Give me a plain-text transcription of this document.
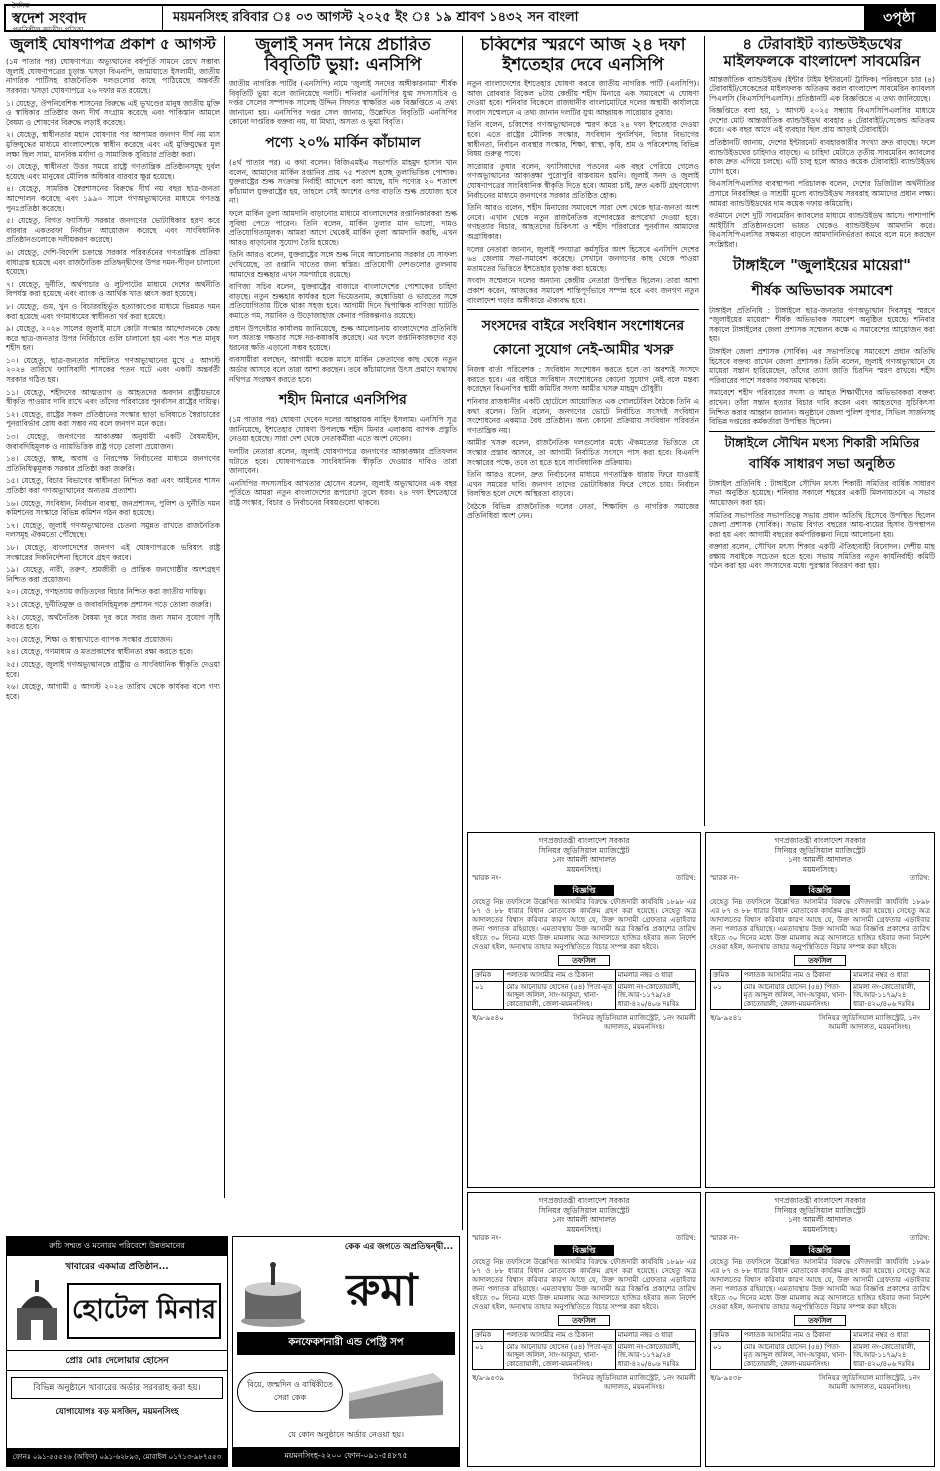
দৈনিক
স্বদেশ সংবাদ
প্রগতিশীল জাতীয় পত্রিকা
ময়মনসিংহ রবিবার ঃ ০৩ আগস্ট ২০২৫ ইং ঃ ১৯ শ্রাবণ ১৪৩২ সন বাংলা	৩পৃষ্ঠা
জুলাই ঘোষণাপত্র প্রকাশ ৫ আগস্ট

(১ম পাতার পর) ঘোষণাপত্র। অভ্যুত্থানের বর্ষপূর্তি সামনে রেখে সম্ভাব্য জুলাই ঘোষণাপত্রের চূড়ান্ত খসড়া বিএনপি, জামায়াতে ইসলামী, জাতীয় নাগরিক পার্টিসহ রাজনৈতিক দলগুলোর কাছে পাঠিয়েছে অন্তর্বর্তী সরকার। খসড়া ঘোষণাপত্রে ২৬ দফার মত রয়েছে।

১। যেহেতু, ঔপনিবেশিক শাসনের বিরুদ্ধে এই ভূখণ্ডের মানুষ জাতীয় মুক্তি ও স্বাধিকার প্রতিষ্ঠার জন্য দীর্ঘ সংগ্রাম করেছে এবং পাকিস্তান আমলে বৈষম্য ও শোষণের বিরুদ্ধে লড়াই করেছে।

২। যেহেতু, স্বাধীনতার মহান ঘোষণার পর আপামর জনগণ দীর্ঘ নয় মাস মুক্তিযুদ্ধের মাধ্যমে বাংলাদেশকে স্বাধীন করেছে এবং এই মুক্তিযুদ্ধের মূল লক্ষ্য ছিল সাম্য, মানবিক মর্যাদা ও সামাজিক সুবিচার প্রতিষ্ঠা করা।

৩। যেহেতু, স্বাধীনতা উত্তর সময়ে রাষ্ট্রে গণতান্ত্রিক প্রতিষ্ঠানসমূহ দুর্বল হয়েছে এবং মানুষের মৌলিক অধিকার বারবার ক্ষুণ্ণ হয়েছে।

৪। যেহেতু, সামরিক স্বৈরশাসনের বিরুদ্ধে দীর্ঘ নয় বছর ছাত্র-জনতা আন্দোলন করেছে এবং ১৯৯০ সালে গণঅভ্যুত্থানের মাধ্যমে গণতন্ত্র পুনঃপ্রতিষ্ঠা করেছে।

৫। যেহেতু, বিগত ফ্যাসিস্ট সরকার জনগণের ভোটাধিকার হরণ করে বারবার একতরফা নির্বাচন আয়োজন করেছে এবং সাংবিধানিক প্রতিষ্ঠানগুলোকে দলীয়করণ করেছে।

৬। যেহেতু, দেশি-বিদেশি চক্রান্তে সরকার পরিবর্তনের গণতান্ত্রিক প্রক্রিয়া বাধাগ্রস্ত হয়েছে এবং রাজনৈতিক প্রতিদ্বন্দ্বীদের উপর দমন-পীড়ন চালানো হয়েছে।

৭। যেহেতু, দুর্নীতি, অর্থপাচার ও লুটপাটের মাধ্যমে দেশের অর্থনীতি বিপর্যস্ত করা হয়েছে এবং ব্যাংক ও আর্থিক খাত ধ্বংস করা হয়েছে।

৮। যেহেতু, গুম, খুন ও বিচারবহির্ভূত হত্যাকাণ্ডের মাধ্যমে ভিন্নমত দমন করা হয়েছে এবং গণমাধ্যমের স্বাধীনতা খর্ব করা হয়েছে।

৯। যেহেতু, ২০২৪ সালের জুলাই মাসে কোটা সংস্কার আন্দোলনকে কেন্দ্র করে ছাত্র-জনতার উপর নির্বিচারে গুলি চালানো হয় এবং শত শত মানুষ শহীদ হন।

১০। যেহেতু, ছাত্র-জনতার সম্মিলিত গণঅভ্যুত্থানের মুখে ৫ আগস্ট ২০২৪ তারিখে ফ্যাসিবাদী শাসকের পতন ঘটে এবং একটি অন্তর্বর্তী সরকার গঠিত হয়।

১১। যেহেতু, শহীদদের আত্মত্যাগ ও আহতদের অবদান রাষ্ট্রীয়ভাবে স্বীকৃতি পাওয়ার দাবি রাখে এবং তাঁদের পরিবারের পুনর্বাসন রাষ্ট্রের দায়িত্ব।

১২। যেহেতু, রাষ্ট্রের সকল প্রতিষ্ঠানের সংস্কার ছাড়া ভবিষ্যতে স্বৈরাচারের পুনরাবির্ভাব রোধ করা সম্ভব নয় বলে জনগণ মনে করে।

১৩। যেহেতু, জনগণের আকাঙ্ক্ষা অনুযায়ী একটি বৈষম্যহীন, জবাবদিহিমূলক ও ন্যায়ভিত্তিক রাষ্ট্র গড়ে তোলা প্রয়োজন।

১৪। যেহেতু, স্বচ্ছ, অবাধ ও নিরপেক্ষ নির্বাচনের মাধ্যমে জনগণের প্রতিনিধিত্বমূলক সরকার প্রতিষ্ঠা করা জরুরি।

১৫। যেহেতু, বিচার বিভাগের স্বাধীনতা নিশ্চিত করা এবং আইনের শাসন প্রতিষ্ঠা করা গণঅভ্যুত্থানের অন্যতম প্রত্যাশা।

১৬। যেহেতু, সংবিধান, নির্বাচন ব্যবস্থা, জনপ্রশাসন, পুলিশ ও দুর্নীতি দমন কমিশনের সংস্কারে বিভিন্ন কমিশন গঠন করা হয়েছে।

১৭। যেহেতু, জুলাই গণঅভ্যুত্থানের চেতনা সমুন্নত রাখতে রাজনৈতিক দলসমূহ ঐকমত্যে পৌঁছেছে।

১৮। যেহেতু, বাংলাদেশের জনগণ এই ঘোষণাপত্রকে ভবিষ্যৎ রাষ্ট্র সংস্কারের দিকনির্দেশনা হিসেবে গ্রহণ করবে।

১৯। যেহেতু, নারী, তরুণ, শ্রমজীবী ও প্রান্তিক জনগোষ্ঠীর অংশগ্রহণ নিশ্চিত করা প্রয়োজন।

২০। যেহেতু, গণহত্যায় জড়িতদের বিচার নিশ্চিত করা জাতীয় দায়িত্ব।

২১। যেহেতু, দুর্নীতিমুক্ত ও জবাবদিহিমূলক প্রশাসন গড়ে তোলা জরুরি।

২২। যেহেতু, অর্থনৈতিক বৈষম্য দূর করে সবার জন্য সমান সুযোগ সৃষ্টি করতে হবে।

২৩। যেহেতু, শিক্ষা ও স্বাস্থ্যখাতে ব্যাপক সংস্কার প্রয়োজন।

২৪। যেহেতু, গণমাধ্যম ও মতপ্রকাশের স্বাধীনতা রক্ষা করতে হবে।

২৫। যেহেতু, জুলাই গণঅভ্যুত্থানকে রাষ্ট্রীয় ও সাংবিধানিক স্বীকৃতি দেওয়া হবে।

২৬। যেহেতু, আগামী ৫ আগস্ট ২০২৪ তারিখ থেকে কার্যকর বলে গণ্য হবে।

জুলাই সনদ নিয়ে প্রচারিত বিবৃতিটি ভুয়া: এনসিপি

জাতীয় নাগরিক পার্টির (এনসিপি) নামে 'জুলাই সনদের অঙ্গীকারনামা' শীর্ষক বিবৃতিটি ভুয়া বলে জানিয়েছে দলটি। শনিবার এনসিপির যুগ্ম সদস্যসচিব ও দপ্তর সেলের সম্পাদক সালেহ উদ্দিন সিফাত স্বাক্ষরিত এক বিজ্ঞপ্তিতে এ তথ্য জানানো হয়। এনসিপির দপ্তর সেল জানায়, উল্লেখিত বিবৃতিটি এনসিপির কোনো দাপ্তরিক বক্তব্য নয়, যা মিথ্যা, অসত্য ও ভুয়া বিবৃতি।

পণ্যে ২০% মার্কিন কাঁচামাল

(৪র্থ পাতার পর) এ কথা বলেন। বিজিএমইএ সভাপতি মাহমুদ হাসান খান বলেন, আমাদের মার্কিন রপ্তানির প্রায় ৭৫ শতাংশ হচ্ছে তুলাভিত্তিক পোশাক। যুক্তরাষ্ট্রের শুল্ক সংক্রান্ত নির্বাহী আদেশে বলা আছে, যদি পণ্যের ২০ শতাংশ কাঁচামাল যুক্তরাষ্ট্রের হয়, তাহলে সেই অংশের ওপর বাড়তি শুল্ক প্রযোজ্য হবে না।

ফলে মার্কিন তুলা আমদানি বাড়ানোর মাধ্যমে বাংলাদেশের রপ্তানিকারকরা শুল্ক সুবিধা পেতে পারেন। তিনি বলেন, মার্কিন তুলার মান ভালো, দামও প্রতিযোগিতামূলক। আমরা আগে থেকেই মার্কিন তুলা আমদানি করছি, এখন আরও বাড়ানোর সুযোগ তৈরি হয়েছে।

তিনি আরও বলেন, যুক্তরাষ্ট্রের সঙ্গে শুল্ক নিয়ে আলোচনায় সরকার যে সাফল্য দেখিয়েছে, তা রপ্তানি খাতের জন্য স্বস্তির। প্রতিযোগী দেশগুলোর তুলনায় আমাদের শুল্কহার এখন সমপর্যায়ে রয়েছে।

বাণিজ্য সচিব বলেন, যুক্তরাষ্ট্রের বাজারে বাংলাদেশের পোশাকের চাহিদা বাড়ছে। নতুন শুল্কহার কার্যকর হলে ভিয়েতনাম, কম্বোডিয়া ও ভারতের সঙ্গে প্রতিযোগিতায় টিকে থাকা সহজ হবে। আগামী দিনে দ্বিপাক্ষিক বাণিজ্য ঘাটতি কমাতে গম, সয়াবিন ও উড়োজাহাজ কেনার পরিকল্পনাও রয়েছে।

প্রধান উপদেষ্টার কার্যালয় জানিয়েছে, শুল্ক আলোচনায় বাংলাদেশের প্রতিনিধি দল অত্যন্ত দক্ষতার সঙ্গে দর-কষাকষি করেছে। এর ফলে রপ্তানিকারকদের বড় ধরনের ক্ষতি এড়ানো সম্ভব হয়েছে।

ব্যবসায়ীরা বলছেন, আগামী কয়েক মাসে মার্কিন ক্রেতাদের কাছ থেকে নতুন অর্ডার আসবে বলে তারা আশা করছেন। তবে কাঁচামালের উৎস প্রমাণে যথাযথ নথিপত্র সংরক্ষণ করতে হবে।

শহীদ মিনারে এনসিপির

(১ম পাতার পর) ঘোষণা দেবেন দলের আহ্বায়ক নাহিদ ইসলাম। এনসিপি সূত্র জানিয়েছে, ইশতেহার ঘোষণা উপলক্ষে শহীদ মিনার এলাকায় ব্যাপক প্রস্তুতি নেওয়া হয়েছে। সারা দেশ থেকে নেতাকর্মীরা এতে অংশ নেবেন।

দলটির নেতারা বলেন, জুলাই ঘোষণাপত্রে জনগণের আকাঙ্ক্ষার প্রতিফলন ঘটাতে হবে। ঘোষণাপত্রকে সাংবিধানিক স্বীকৃতি দেওয়ার দাবিও তারা জানাবেন।

এনসিপির সদস্যসচিব আখতার হোসেন বলেন, জুলাই অভ্যুত্থানের এক বছর পূর্তিতে আমরা নতুন বাংলাদেশের রূপরেখা তুলে ধরব। ২৪ দফা ইশতেহারে রাষ্ট্র সংস্কার, বিচার ও নির্বাচনের বিষয়গুলো থাকবে।

চব্বিশের স্মরণে আজ ২৪ দফা ইশতেহার দেবে এনসিপি

নতুন বাংলাদেশের ইশতেহার ঘোষণা করবে জাতীয় নাগরিক পার্টি (এনসিপি)। আজ রোববার বিকেল ৪টায় কেন্দ্রীয় শহীদ মিনারে এক সমাবেশে এ ঘোষণা দেওয়া হবে। শনিবার বিকেলে রাজধানীর বাংলামোটরে দলের অস্থায়ী কার্যালয়ে সংবাদ সম্মেলনে এ তথ্য জানান দলটির যুগ্ম আহ্বায়ক সারোয়ার তুষার।

তিনি বলেন, চব্বিশের গণঅভ্যুত্থানকে স্মরণ করে ২৪ দফা ইশতেহার দেওয়া হবে। এতে রাষ্ট্রের মৌলিক সংস্কার, সংবিধান পুনর্লিখন, বিচার বিভাগের স্বাধীনতা, নির্বাচন ব্যবস্থার সংস্কার, শিক্ষা, স্বাস্থ্য, কৃষি, শ্রম ও পরিবেশসহ বিভিন্ন বিষয় গুরুত্ব পাবে।

সারোয়ার তুষার বলেন, ফ্যাসিবাদের পতনের এক বছর পেরিয়ে গেলেও গণঅভ্যুত্থানের আকাঙ্ক্ষা পুরোপুরি বাস্তবায়ন হয়নি। জুলাই সনদ ও জুলাই ঘোষণাপত্রের সাংবিধানিক স্বীকৃতি দিতে হবে। আমরা চাই, দ্রুত একটি গ্রহণযোগ্য নির্বাচনের মাধ্যমে জনগণের সরকার প্রতিষ্ঠিত হোক।

তিনি আরও বলেন, শহীদ মিনারের সমাবেশে সারা দেশ থেকে ছাত্র-জনতা অংশ নেবে। এখান থেকে নতুন রাজনৈতিক বন্দোবস্তের রূপরেখা দেওয়া হবে। গণহত্যার বিচার, আহতদের চিকিৎসা ও শহীদ পরিবারের পুনর্বাসন আমাদের অগ্রাধিকার।

দলের নেতারা জানান, জুলাই পদযাত্রা কর্মসূচির অংশ হিসেবে এনসিপি দেশের ৬৪ জেলায় সভা-সমাবেশ করেছে। সেখানে জনগণের কাছ থেকে পাওয়া মতামতের ভিত্তিতে ইশতেহার চূড়ান্ত করা হয়েছে।

সংবাদ সম্মেলনে দলের অন্যান্য কেন্দ্রীয় নেতারা উপস্থিত ছিলেন। তারা আশা প্রকাশ করেন, আজকের সমাবেশ শান্তিপূর্ণভাবে সম্পন্ন হবে এবং জনগণ নতুন বাংলাদেশ গড়ার অঙ্গীকারে ঐক্যবদ্ধ হবে।

সংসদের বাইরে সংবিধান সংশোধনের কোনো সুযোগ নেই-আমীর খসরু

নিজস্ব বার্তা পরিবেশক : সংবিধান সংশোধন করতে হলে তা অবশ্যই সংসদে করতে হবে। এর বাইরে সংবিধান সংশোধনের কোনো সুযোগ নেই বলে মন্তব্য করেছেন বিএনপির স্থায়ী কমিটির সদস্য আমীর খসরু মাহমুদ চৌধুরী।

শনিবার রাজধানীর একটি হোটেলে আয়োজিত এক গোলটেবিল বৈঠকে তিনি এ কথা বলেন। তিনি বলেন, জনগণের ভোটে নির্বাচিত সংসদই সংবিধান সংশোধনের একমাত্র বৈধ প্রতিষ্ঠান। অন্য কোনো প্রক্রিয়ায় সংবিধান পরিবর্তন গণতান্ত্রিক নয়।

আমীর খসরু বলেন, রাজনৈতিক দলগুলোর মধ্যে ঐকমত্যের ভিত্তিতে যে সংস্কার প্রস্তাব আসবে, তা আগামী নির্বাচিত সংসদে পাস করা হবে। বিএনপি সংস্কারের পক্ষে, তবে তা হতে হবে সাংবিধানিক প্রক্রিয়ায়।

তিনি আরও বলেন, দ্রুত নির্বাচনের মাধ্যমে গণতান্ত্রিক ধারায় ফিরে যাওয়াই এখন সময়ের দাবি। জনগণ তাদের ভোটাধিকার ফিরে পেতে চায়। নির্বাচন বিলম্বিত হলে দেশে অস্থিরতা বাড়বে।

বৈঠকে বিভিন্ন রাজনৈতিক দলের নেতা, শিক্ষাবিদ ও নাগরিক সমাজের প্রতিনিধিরা অংশ নেন।

৪ টেরাবাইট ব্যান্ডউইডথের
মাইলফলকে বাংলাদেশ সাবমেরিন

আন্তর্জাতিক ব্যান্ডউইডথ (ইন্টার টাইম ইন্টারনেট ট্রাফিক) পরিবহনে চার (৪) টেরাবাইট/সেকেন্ডের মাইলফলক অতিক্রম করল বাংলাদেশ সাবমেরিন ক্যাবলস পিএলসি (বিএসসিপিএলসি)। প্রতিষ্ঠানটি এক বিজ্ঞপ্তিতে এ তথ্য জানিয়েছে।

বিজ্ঞপ্তিতে বলা হয়, ১ আগস্ট ২০২৫ সন্ধ্যায় বিএসসিপিএলসির মাধ্যমে দেশের মোট আন্তর্জাতিক ব্যান্ডউইডথ ব্যবহার ৪ টেরাবাইট/সেকেন্ড অতিক্রম করে। এক বছর আগে এই ব্যবহার ছিল প্রায় আড়াই টেরাবাইট।

প্রতিষ্ঠানটি জানায়, দেশের ইন্টারনেট ব্যবহারকারীর সংখ্যা দ্রুত বাড়ছে। ফলে ব্যান্ডউইডথের চাহিদাও বাড়ছে। এ চাহিদা মেটাতে তৃতীয় সাবমেরিন ক্যাবলের কাজ দ্রুত এগিয়ে চলছে। এটি চালু হলে আরও কয়েক টেরাবাইট ব্যান্ডউইডথ যোগ হবে।

বিএসসিপিএলসির ব্যবস্থাপনা পরিচালক বলেন, দেশের ডিজিটাল অর্থনীতির প্রসারে নিরবচ্ছিন্ন ও সাশ্রয়ী মূল্যে ব্যান্ডউইডথ সরবরাহ আমাদের প্রধান লক্ষ্য। আমরা ব্যান্ডউইডথের দাম কয়েক দফায় কমিয়েছি।

বর্তমানে দেশে দুটি সাবমেরিন ক্যাবলের মাধ্যমে ব্যান্ডউইডথ আসে। পাশাপাশি আইটিসি প্রতিষ্ঠানগুলো ভারত থেকেও ব্যান্ডউইডথ আমদানি করে। বিএসসিপিএলসির সক্ষমতা বাড়লে আমদানিনির্ভরতা কমবে বলে মনে করছেন সংশ্লিষ্টরা।

টাঙ্গাইলে "জুলাইয়ের মায়েরা"
শীর্ষক অভিভাবক সমাবেশ

টাঙ্গাইল প্রতিনিধি : টাঙ্গাইলে ছাত্র-জনতার গণঅভ্যুত্থান দিবসমূহ স্মরণে "জুলাইয়ের মায়েরা" শীর্ষক অভিভাবক সমাবেশ অনুষ্ঠিত হয়েছে। শনিবার সকালে টাঙ্গাইলের জেলা প্রশাসক সম্মেলন কক্ষে এ সমাবেশের আয়োজন করা হয়।

টাঙ্গাইল জেলা প্রশাসক (সার্বিক) এর সভাপতিত্বে সমাবেশে প্রধান অতিথি হিসেবে বক্তব্য রাখেন জেলা প্রশাসক। তিনি বলেন, জুলাই গণঅভ্যুত্থানে যে মায়েরা সন্তান হারিয়েছেন, তাঁদের ত্যাগ জাতি চিরদিন স্মরণ রাখবে। শহীদ পরিবারের পাশে সরকার সবসময় থাকবে।

সমাবেশে শহীদ পরিবারের সদস্য ও আহত শিক্ষার্থীদের অভিভাবকরা বক্তব্য রাখেন। তাঁরা সন্তান হত্যার বিচার দাবি করেন এবং আহতদের সুচিকিৎসা নিশ্চিত করার আহ্বান জানান। অনুষ্ঠানে জেলা পুলিশ সুপার, সিভিল সার্জনসহ বিভিন্ন দপ্তরের কর্মকর্তারা উপস্থিত ছিলেন।

টাঙ্গাইলে সৌখিন মৎস্য শিকারী সমিতির
বার্ষিক সাধারণ সভা অনুষ্ঠিত

টাঙ্গাইল প্রতিনিধি : টাঙ্গাইলে সৌখিন মৎস্য শিকারী সমিতির বার্ষিক সাধারণ সভা অনুষ্ঠিত হয়েছে। শনিবার সকালে শহরের একটি মিলনায়তনে এ সভার আয়োজন করা হয়।

সমিতির সভাপতির সভাপতিত্বে সভায় প্রধান অতিথি হিসেবে উপস্থিত ছিলেন জেলা প্রশাসক (সার্বিক)। সভায় বিগত বছরের আয়-ব্যয়ের হিসাব উপস্থাপন করা হয় এবং আগামী বছরের কর্মপরিকল্পনা নিয়ে আলোচনা হয়।

বক্তারা বলেন, সৌখিন মৎস্য শিকার একটি ঐতিহ্যবাহী বিনোদন। দেশীয় মাছ রক্ষায় সবাইকে সচেতন হতে হবে। সভায় সমিতির নতুন কার্যনির্বাহী কমিটি গঠন করা হয় এবং সদস্যদের মধ্যে পুরস্কার বিতরণ করা হয়।

গণপ্রজাতন্ত্রী বাংলাদেশ সরকার
সিনিয়র জুডিসিয়াল ম্যাজিস্ট্রেট
১নং আমলী আদালত
ময়মনসিংহ।
স্মারক নং-	তারিখ:
বিজ্ঞপ্তি
যেহেতু নিম্ন তফসিলে উল্লেখিত আসামীর বিরুদ্ধে ফৌজদারী কার্যবিধি ১৮৯৮ এর ৮৭ ও ৮৮ ধারার বিধান মোতাবেক কার্যক্রম গ্রহণ করা হয়েছে। সেহেতু অত্র আদালতের বিশ্বাস করিবার কারণ আছে যে, উক্ত আসামী গ্রেফতার এড়াইবার জন্য পলাতক রহিয়াছে। এমতাবস্থায় উক্ত আসামী অত্র বিজ্ঞপ্তি প্রকাশের তারিখ হইতে ৩০ দিনের মধ্যে উক্ত মামলায় অত্র আদালতে হাজির হইবার জন্য নির্দেশ দেওয়া হইল, অন্যথায় তাহার অনুপস্থিতিতে বিচার সম্পন্ন করা হইবে।
তফসিল
ক্রমিক	পলাতক আসামীর নাম ও ঠিকানা	মামলার নম্বর ও ধারা
০১	মোঃ আনোয়ার হোসেন (৫৪) পিতা-মৃত আব্দুল জলিল, সাং-আকুয়া, থানা-কোতোয়ালী, জেলা-ময়মনসিংহ।	মামলা নং-কোতোয়ালী, জি.আর-১১৭৯/২৪ ধারা-৪২০/৪০৬ দঃবিঃ
স্ব/৯-৯৫৪০	সিনিয়র জুডিসিয়াল ম্যাজিস্ট্রেট, ১নং আমলী আদালত, ময়মনসিংহ।
গণপ্রজাতন্ত্রী বাংলাদেশ সরকার
সিনিয়র জুডিসিয়াল ম্যাজিস্ট্রেট
১নং আমলী আদালত
ময়মনসিংহ।
স্মারক নং-	তারিখ:
বিজ্ঞপ্তি
যেহেতু নিম্ন তফসিলে উল্লেখিত আসামীর বিরুদ্ধে ফৌজদারী কার্যবিধি ১৮৯৮ এর ৮৭ ও ৮৮ ধারার বিধান মোতাবেক কার্যক্রম গ্রহণ করা হয়েছে। সেহেতু অত্র আদালতের বিশ্বাস করিবার কারণ আছে যে, উক্ত আসামী গ্রেফতার এড়াইবার জন্য পলাতক রহিয়াছে। এমতাবস্থায় উক্ত আসামী অত্র বিজ্ঞপ্তি প্রকাশের তারিখ হইতে ৩০ দিনের মধ্যে উক্ত মামলায় অত্র আদালতে হাজির হইবার জন্য নির্দেশ দেওয়া হইল, অন্যথায় তাহার অনুপস্থিতিতে বিচার সম্পন্ন করা হইবে।
তফসিল
ক্রমিক	পলাতক আসামীর নাম ও ঠিকানা	মামলার নম্বর ও ধারা
০১	মোঃ আনোয়ার হোসেন (৫৪) পিতা-মৃত আব্দুল জলিল, সাং-আকুয়া, থানা-কোতোয়ালী, জেলা-ময়মনসিংহ।	মামলা নং-কোতোয়ালী, জি.আর-১১৭৯/২৪ ধারা-৪২০/৪০৬ দঃবিঃ
স্ব/৯-৯৫৪১	সিনিয়র জুডিসিয়াল ম্যাজিস্ট্রেট, ১নং আমলী আদালত, ময়মনসিংহ।
গণপ্রজাতন্ত্রী বাংলাদেশ সরকার
সিনিয়র জুডিসিয়াল ম্যাজিস্ট্রেট
১নং আমলী আদালত
ময়মনসিংহ।
স্মারক নং-	তারিখ:
বিজ্ঞপ্তি
যেহেতু নিম্ন তফসিলে উল্লেখিত আসামীর বিরুদ্ধে ফৌজদারী কার্যবিধি ১৮৯৮ এর ৮৭ ও ৮৮ ধারার বিধান মোতাবেক কার্যক্রম গ্রহণ করা হয়েছে। সেহেতু অত্র আদালতের বিশ্বাস করিবার কারণ আছে যে, উক্ত আসামী গ্রেফতার এড়াইবার জন্য পলাতক রহিয়াছে। এমতাবস্থায় উক্ত আসামী অত্র বিজ্ঞপ্তি প্রকাশের তারিখ হইতে ৩০ দিনের মধ্যে উক্ত মামলায় অত্র আদালতে হাজির হইবার জন্য নির্দেশ দেওয়া হইল, অন্যথায় তাহার অনুপস্থিতিতে বিচার সম্পন্ন করা হইবে।
তফসিল
ক্রমিক	পলাতক আসামীর নাম ও ঠিকানা	মামলার নম্বর ও ধারা
০১	মোঃ আনোয়ার হোসেন (৫৪) পিতা-মৃত আব্দুল জলিল, সাং-আকুয়া, থানা-কোতোয়ালী, জেলা-ময়মনসিংহ।	মামলা নং-কোতোয়ালী, জি.আর-১১৭৯/২৪ ধারা-৪২০/৪০৬ দঃবিঃ
স্ব/৯-৯৫৩৯	সিনিয়র জুডিসিয়াল ম্যাজিস্ট্রেট, ১নং আমলী আদালত, ময়মনসিংহ।
গণপ্রজাতন্ত্রী বাংলাদেশ সরকার
সিনিয়র জুডিসিয়াল ম্যাজিস্ট্রেট
১নং আমলী আদালত
ময়মনসিংহ।
স্মারক নং-	তারিখ:
বিজ্ঞপ্তি
যেহেতু নিম্ন তফসিলে উল্লেখিত আসামীর বিরুদ্ধে ফৌজদারী কার্যবিধি ১৮৯৮ এর ৮৭ ও ৮৮ ধারার বিধান মোতাবেক কার্যক্রম গ্রহণ করা হয়েছে। সেহেতু অত্র আদালতের বিশ্বাস করিবার কারণ আছে যে, উক্ত আসামী গ্রেফতার এড়াইবার জন্য পলাতক রহিয়াছে। এমতাবস্থায় উক্ত আসামী অত্র বিজ্ঞপ্তি প্রকাশের তারিখ হইতে ৩০ দিনের মধ্যে উক্ত মামলায় অত্র আদালতে হাজির হইবার জন্য নির্দেশ দেওয়া হইল, অন্যথায় তাহার অনুপস্থিতিতে বিচার সম্পন্ন করা হইবে।
তফসিল
ক্রমিক	পলাতক আসামীর নাম ও ঠিকানা	মামলার নম্বর ও ধারা
০১	মোঃ আনোয়ার হোসেন (৫৪) পিতা-মৃত আব্দুল জলিল, সাং-আকুয়া, থানা-কোতোয়ালী, জেলা-ময়মনসিংহ।	মামলা নং-কোতোয়ালী, জি.আর-১১৭৯/২৪ ধারা-৪২০/৪০৬ দঃবিঃ
স্ব/৯-৯৫৩৮	সিনিয়র জুডিসিয়াল ম্যাজিস্ট্রেট, ১নং আমলী আদালত, ময়মনসিংহ।
রুচি সম্মত ও মনোরম পরিবেশে উন্নতমানের
খাবারের একমাত্র প্রতিষ্ঠান...
হোটেল মিনার
প্রোঃ মোঃ দেলোয়ার হোসেন
বিভিন্ন অনুষ্ঠানে খাবারের অর্ডার সরবরাহ করা হয়।
যোগাযোগঃ বড় মসজিদ, ময়মনসিংহ
ফোনঃ ০৯১-৫৫৫২৬ (অফিস) ০৯১-৬২৮৯৩, মোবাইল ০১৭১৩-৯৮৭৫৫৩
কেক এর জগতে অপ্রতিদ্বন্দ্বী...
রুমা
কনফেকশনারী এন্ড পেস্ট্রি সপ
বিয়ে, জন্মদিন ও বার্ষিকীতে সেরা কেক
যে কোন অনুষ্ঠানে অর্ডার নেওয়া হয়।
ময়মনসিংহ-২২০০ ফোন-০৯১-৫৪৮৭৫
